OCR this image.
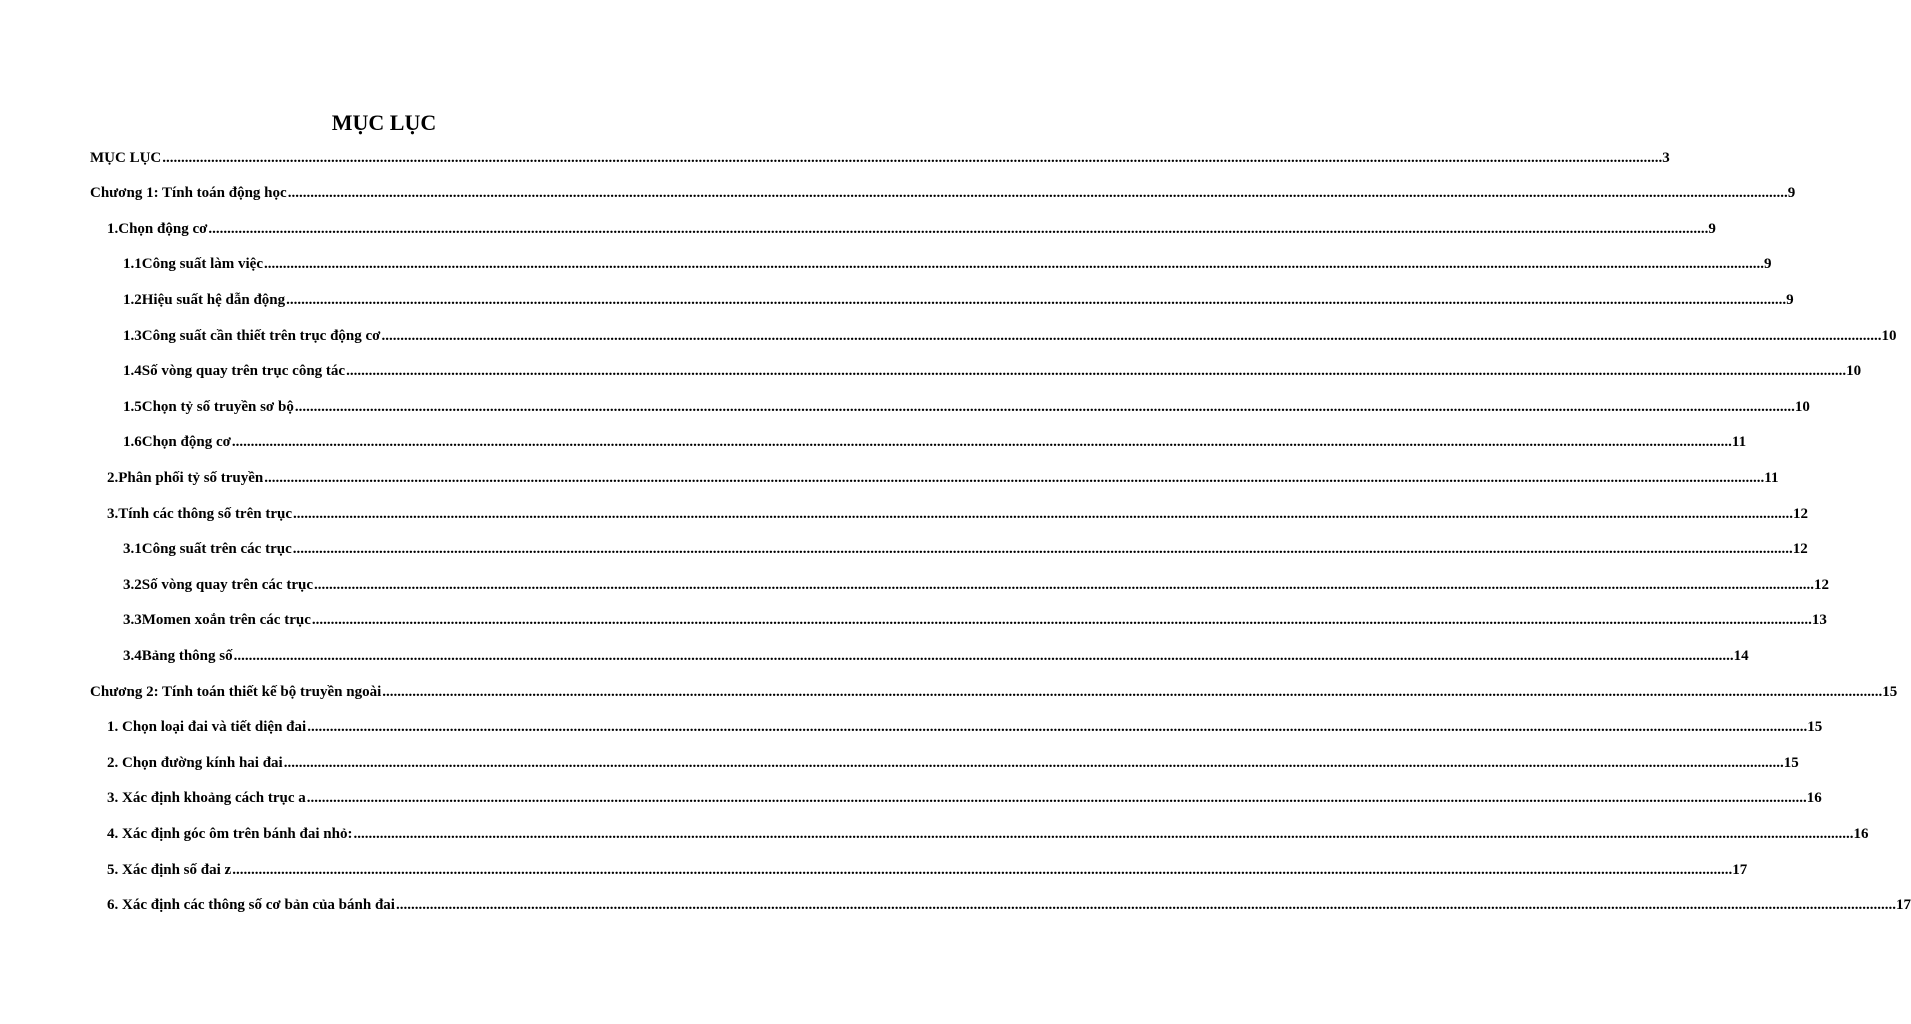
MỤC LỤC
MỤC LỤC ................................................................................................................................................................................................................................................................................................................................................................................................................ 3
Chương 1: Tính toán động học ................................................................................................................................................................................................................................................................................................................................................................................................................ 9
1. Chọn động cơ ................................................................................................................................................................................................................................................................................................................................................................................................................ 9
1.1 Công suất làm việc ................................................................................................................................................................................................................................................................................................................................................................................................................ 9
1.2 Hiệu suất hệ dẫn động ................................................................................................................................................................................................................................................................................................................................................................................................................ 9
1.3 Công suất cần thiết trên trục động cơ ................................................................................................................................................................................................................................................................................................................................................................................................................ 10
1.4 Số vòng quay trên trục công tác ................................................................................................................................................................................................................................................................................................................................................................................................................ 10
1.5 Chọn tỷ số truyền sơ bộ ................................................................................................................................................................................................................................................................................................................................................................................................................ 10
1.6 Chọn động cơ ................................................................................................................................................................................................................................................................................................................................................................................................................ 11
2. Phân phối tỷ số truyền ................................................................................................................................................................................................................................................................................................................................................................................................................ 11
3. Tính các thông số trên trục ................................................................................................................................................................................................................................................................................................................................................................................................................ 12
3.1 Công suất trên các trục ................................................................................................................................................................................................................................................................................................................................................................................................................ 12
3.2 Số vòng quay trên các trục ................................................................................................................................................................................................................................................................................................................................................................................................................ 12
3.3 Momen xoắn trên các trục ................................................................................................................................................................................................................................................................................................................................................................................................................ 13
3.4 Bảng thông số ................................................................................................................................................................................................................................................................................................................................................................................................................ 14
Chương 2: Tính toán thiết kế bộ truyền ngoài ................................................................................................................................................................................................................................................................................................................................................................................................................ 15
1. Chọn loại đai và tiết diện đai ................................................................................................................................................................................................................................................................................................................................................................................................................ 15
2. Chọn đường kính hai đai ................................................................................................................................................................................................................................................................................................................................................................................................................ 15
3. Xác định khoảng cách trục a ................................................................................................................................................................................................................................................................................................................................................................................................................ 16
4. Xác định góc ôm trên bánh đai nhỏ: ................................................................................................................................................................................................................................................................................................................................................................................................................ 16
5. Xác định số đai z ................................................................................................................................................................................................................................................................................................................................................................................................................ 17
6. Xác định các thông số cơ bản của bánh đai ................................................................................................................................................................................................................................................................................................................................................................................................................ 17
